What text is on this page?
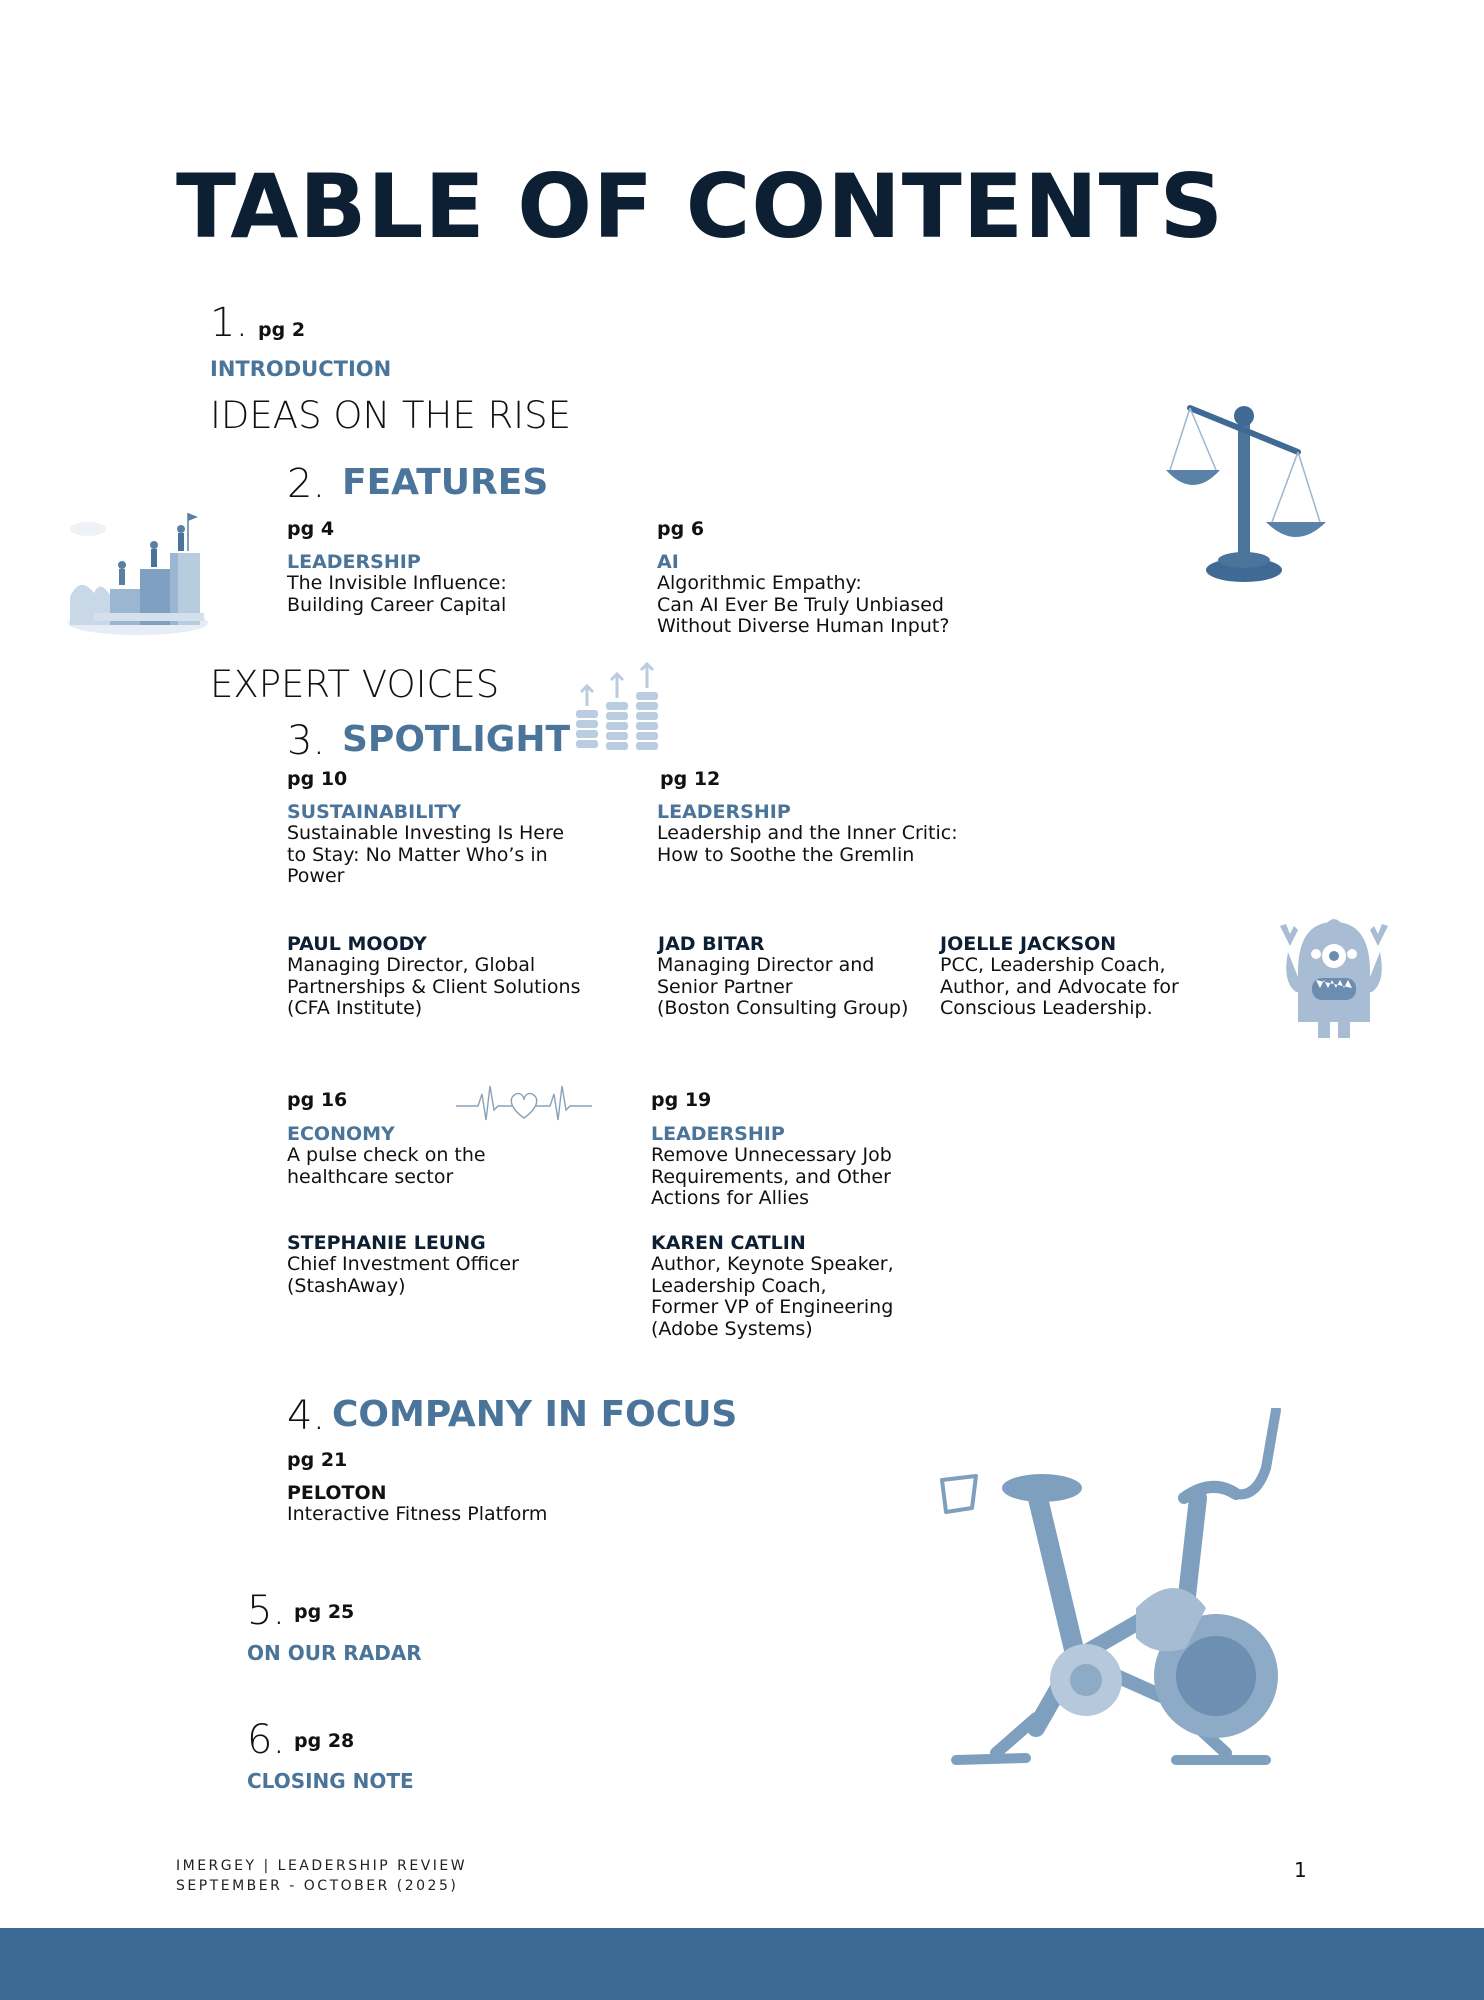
TABLE OF CONTENTS
1. pg 2
INTRODUCTION
IDEAS ON THE RISE
2. FEATURES
pg 4
LEADERSHIP
The Invisible Influence:
Building Career Capital
pg 6
AI
Algorithmic Empathy:
Can AI Ever Be Truly Unbiased
Without Diverse Human Input?
EXPERT VOICES
3. SPOTLIGHT
pg 10
SUSTAINABILITY
Sustainable Investing Is Here
to Stay: No Matter Who’s in
Power
pg 12
LEADERSHIP
Leadership and the Inner Critic:
How to Soothe the Gremlin
PAUL MOODY
Managing Director, Global
Partnerships & Client Solutions
(CFA Institute)
JAD BITAR
Managing Director and
Senior Partner
(Boston Consulting Group)
JOELLE JACKSON
PCC, Leadership Coach,
Author, and Advocate for
Conscious Leadership.
pg 16
ECONOMY
A pulse check on the
healthcare sector
pg 19
LEADERSHIP
Remove Unnecessary Job
Requirements, and Other
Actions for Allies
STEPHANIE LEUNG
Chief Investment Officer
(StashAway)
KAREN CATLIN
Author, Keynote Speaker,
Leadership Coach,
Former VP of Engineering
(Adobe Systems)
4. COMPANY IN FOCUS
pg 21
PELOTON
Interactive Fitness Platform
5. pg 25
ON OUR RADAR
6. pg 28
CLOSING NOTE
IMERGEY | LEADERSHIP REVIEW
SEPTEMBER - OCTOBER (2025)
1
